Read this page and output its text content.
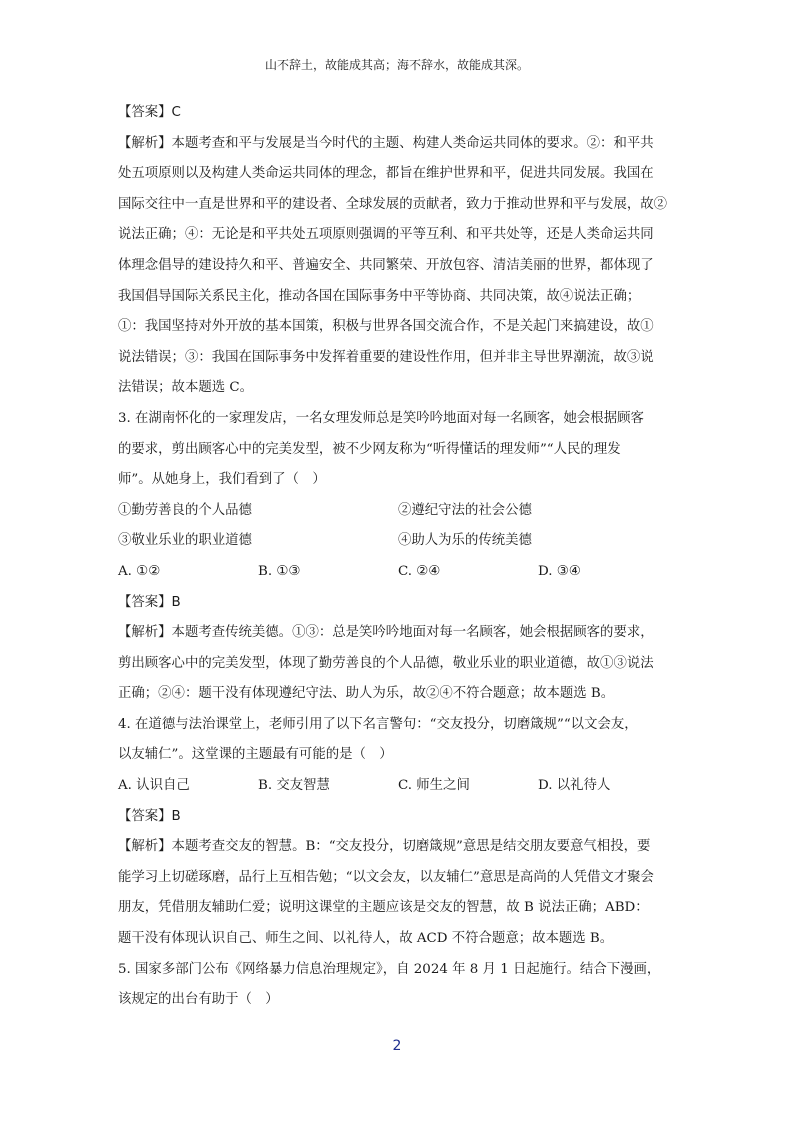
山不辞土，故能成其高；海不辞水，故能成其深。

【答案】C

【解析】本题考查和平与发展是当今时代的主题、构建人类命运共同体的要求。②：和平共

处五项原则以及构建人类命运共同体的理念，都旨在维护世界和平，促进共同发展。我国在

国际交往中一直是世界和平的建设者、全球发展的贡献者，致力于推动世界和平与发展，故②

说法正确；④：无论是和平共处五项原则强调的平等互利、和平共处等，还是人类命运共同

体理念倡导的建设持久和平、普遍安全、共同繁荣、开放包容、清洁美丽的世界，都体现了

我国倡导国际关系民主化，推动各国在国际事务中平等协商、共同决策，故④说法正确；

①：我国坚持对外开放的基本国策，积极与世界各国交流合作，不是关起门来搞建设，故①

说法错误；③：我国在国际事务中发挥着重要的建设性作用，但并非主导世界潮流，故③说

法错误；故本题选 C。

3. 在湖南怀化的一家理发店，一名女理发师总是笑吟吟地面对每一名顾客，她会根据顾客

的要求，剪出顾客心中的完美发型，被不少网友称为“听得懂话的理发师”“人民的理发

师”。从她身上，我们看到了（　）

①勤劳善良的个人品德	②遵纪守法的社会公德
③敬业乐业的职业道德	④助人为乐的传统美德
A. ①②	B. ①③	C. ②④	D. ③④

【答案】B

【解析】本题考查传统美德。①③：总是笑吟吟地面对每一名顾客，她会根据顾客的要求，

剪出顾客心中的完美发型，体现了勤劳善良的个人品德，敬业乐业的职业道德，故①③说法

正确；②④：题干没有体现遵纪守法、助人为乐，故②④不符合题意；故本题选 B。

4. 在道德与法治课堂上，老师引用了以下名言警句：“交友投分，切磨箴规”“以文会友，

以友辅仁”。这堂课的主题最有可能的是（　）

A. 认识自己	B. 交友智慧	C. 师生之间	D. 以礼待人

【答案】B

【解析】本题考查交友的智慧。B：“交友投分，切磨箴规”意思是结交朋友要意气相投，要

能学习上切磋琢磨，品行上互相告勉；“以文会友，以友辅仁”意思是高尚的人凭借文才聚会

朋友，凭借朋友辅助仁爱；说明这课堂的主题应该是交友的智慧，故 B 说法正确；ABD：

题干没有体现认识自己、师生之间、以礼待人，故 ACD 不符合题意；故本题选 B。

5. 国家多部门公布《网络暴力信息治理规定》，自 2024 年 8 月 1 日起施行。结合下漫画，

该规定的出台有助于（　）

2
